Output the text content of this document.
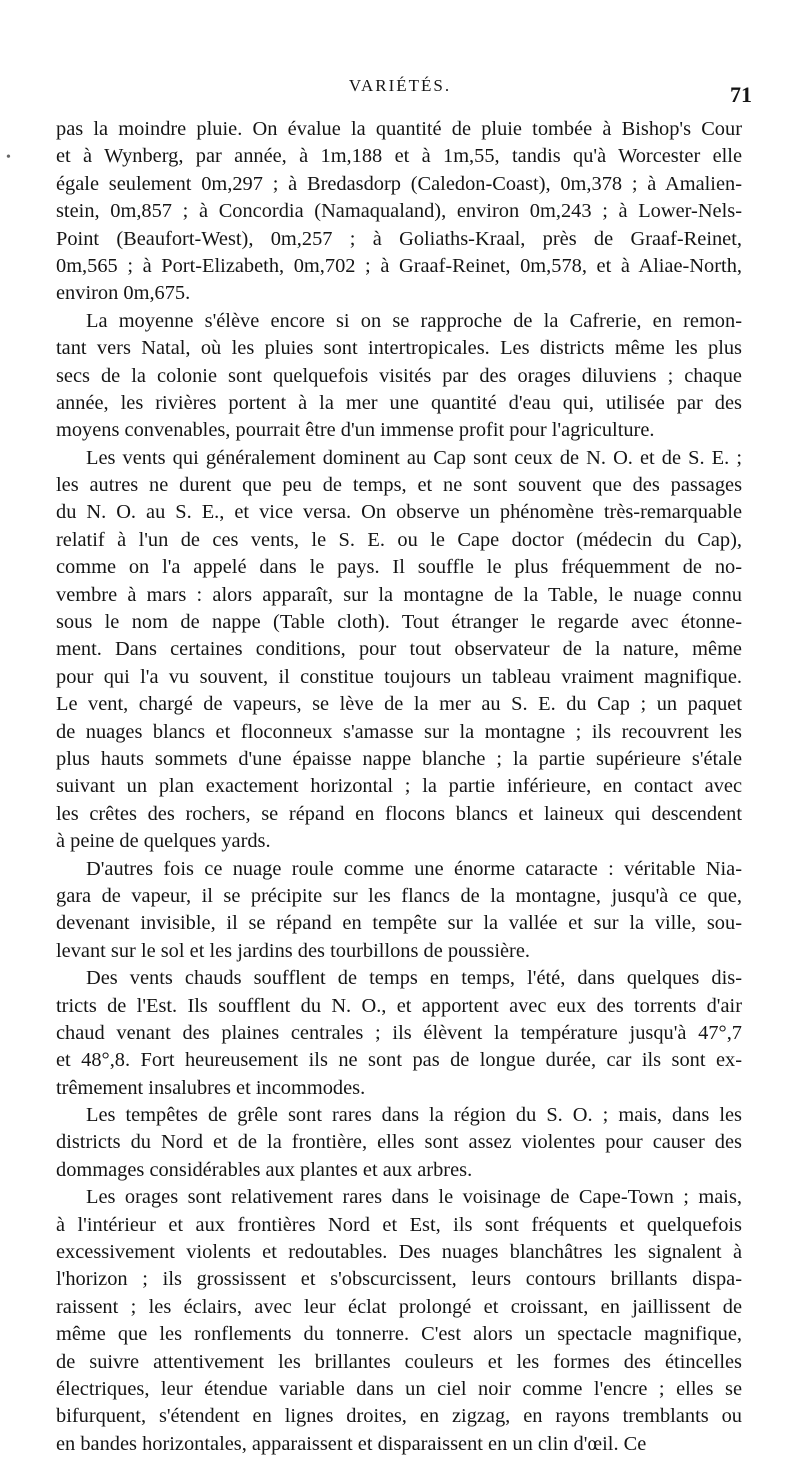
VARIÉTÉS.	71
•
pas la moindre pluie. On évalue la quantité de pluie tombée à Bishop's Cour
et à Wynberg, par année, à 1m,188 et à 1m,55, tandis qu'à Worcester elle
égale seulement 0m,297 ; à Bredasdorp (Caledon-Coast), 0m,378 ; à Amalien-
stein, 0m,857 ; à Concordia (Namaqualand), environ 0m,243 ; à Lower-Nels-
Point (Beaufort-West), 0m,257 ; à Goliaths-Kraal, près de Graaf-Reinet,
0m,565 ; à Port-Elizabeth, 0m,702 ; à Graaf-Reinet, 0m,578, et à Aliae-North,
environ 0m,675.
La moyenne s'élève encore si on se rapproche de la Cafrerie, en remon-
tant vers Natal, où les pluies sont intertropicales. Les districts même les plus
secs de la colonie sont quelquefois visités par des orages diluviens ; chaque
année, les rivières portent à la mer une quantité d'eau qui, utilisée par des
moyens convenables, pourrait être d'un immense profit pour l'agriculture.
Les vents qui généralement dominent au Cap sont ceux de N. O. et de S. E. ;
les autres ne durent que peu de temps, et ne sont souvent que des passages
du N. O. au S. E., et vice versa. On observe un phénomène très-remarquable
relatif à l'un de ces vents, le S. E. ou le Cape doctor (médecin du Cap),
comme on l'a appelé dans le pays. Il souffle le plus fréquemment de no-
vembre à mars : alors apparaît, sur la montagne de la Table, le nuage connu
sous le nom de nappe (Table cloth). Tout étranger le regarde avec étonne-
ment. Dans certaines conditions, pour tout observateur de la nature, même
pour qui l'a vu souvent, il constitue toujours un tableau vraiment magnifique.
Le vent, chargé de vapeurs, se lève de la mer au S. E. du Cap ; un paquet
de nuages blancs et floconneux s'amasse sur la montagne ; ils recouvrent les
plus hauts sommets d'une épaisse nappe blanche ; la partie supérieure s'étale
suivant un plan exactement horizontal ; la partie inférieure, en contact avec
les crêtes des rochers, se répand en flocons blancs et laineux qui descendent
à peine de quelques yards.
D'autres fois ce nuage roule comme une énorme cataracte : véritable Nia-
gara de vapeur, il se précipite sur les flancs de la montagne, jusqu'à ce que,
devenant invisible, il se répand en tempête sur la vallée et sur la ville, sou-
levant sur le sol et les jardins des tourbillons de poussière.
Des vents chauds soufflent de temps en temps, l'été, dans quelques dis-
tricts de l'Est. Ils soufflent du N. O., et apportent avec eux des torrents d'air
chaud venant des plaines centrales ; ils élèvent la température jusqu'à 47°,7
et 48°,8. Fort heureusement ils ne sont pas de longue durée, car ils sont ex-
trêmement insalubres et incommodes.
Les tempêtes de grêle sont rares dans la région du S. O. ; mais, dans les
districts du Nord et de la frontière, elles sont assez violentes pour causer des
dommages considérables aux plantes et aux arbres.
Les orages sont relativement rares dans le voisinage de Cape-Town ; mais,
à l'intérieur et aux frontières Nord et Est, ils sont fréquents et quelquefois
excessivement violents et redoutables. Des nuages blanchâtres les signalent à
l'horizon ; ils grossissent et s'obscurcissent, leurs contours brillants dispa-
raissent ; les éclairs, avec leur éclat prolongé et croissant, en jaillissent de
même que les ronflements du tonnerre. C'est alors un spectacle magnifique,
de suivre attentivement les brillantes couleurs et les formes des étincelles
électriques, leur étendue variable dans un ciel noir comme l'encre ; elles se
bifurquent, s'étendent en lignes droites, en zigzag, en rayons tremblants ou
en bandes horizontales, apparaissent et disparaissent en un clin d'œil. Ce
